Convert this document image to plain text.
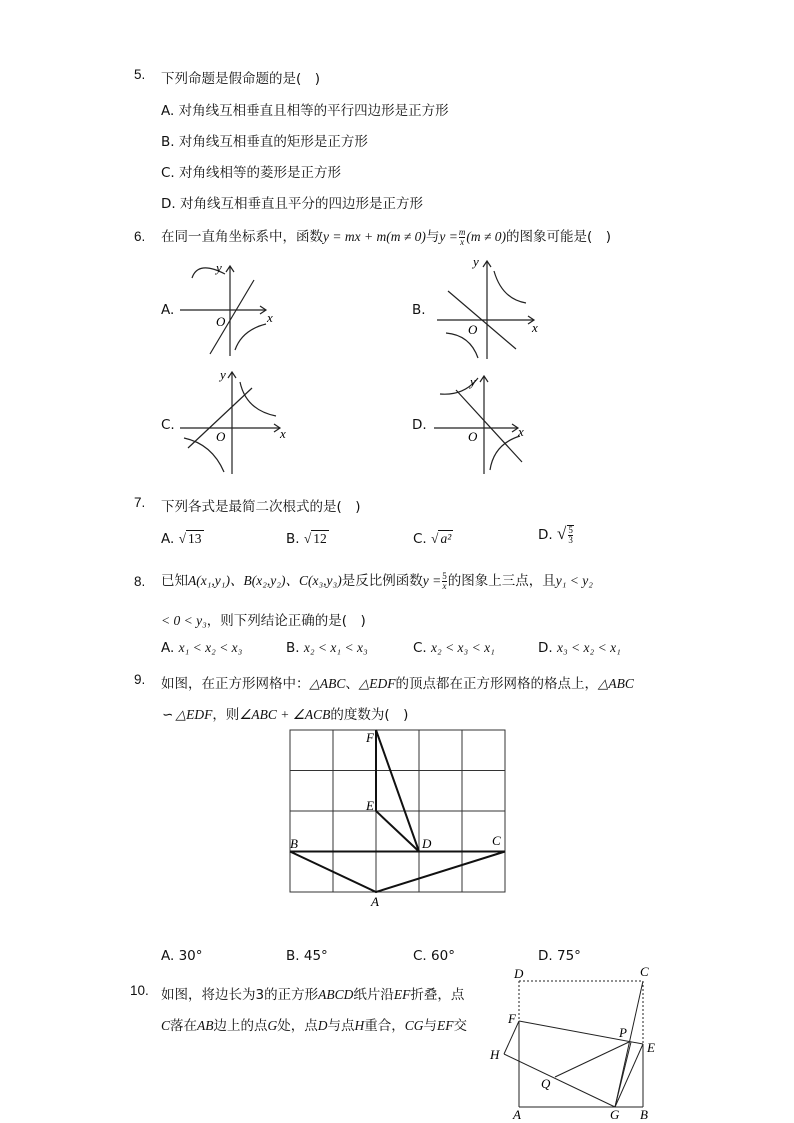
5. 下列命题是假命题的是(　)
A. 对角线互相垂直且相等的平行四边形是正方形
B. 对角线互相垂直的矩形是正方形
C. 对角线相等的菱形是正方形
D. 对角线互相垂直且平分的四边形是正方形
6. 在同一直角坐标系中，函数y = mx + m(m ≠ 0)与$y = \frac{m}{x} (m \ne 0)$的图象可能是(　)
A.
O	x
y
B.
O	x
y
C.
O	x
y
D.
O	x
y
7. 下列各式是最简二次根式的是(　)
A. √ 13	B. √ 12	C. √ a²	D. √ $\frac{5}{3}$
8. 已知A(x₁,y₁)、B(x₂,y₂)、C(x₃,y₃)是反比例函数$y = \frac{5}{x}$ 的图象上三点，且y₁ < y₂
< 0 < y₃，则下列结论正确的是(　)
A. x₁ < x₂ < x₃	B. x₂ < x₁ < x₃	C. x₂ < x₃ < x₁	D. x₃ < x₂ < x₁
9. 如图，在正方形网格中：△ABC、△EDF的顶点都在正方形网格的格点上，△ABC
∽ △EDF，则∠ABC + ∠ACB的度数为(　)
F
E
B	D	C
A
A. 30°	B. 45°	C. 60°	D. 75°
10. 如图，将边长为3的正方形ABCD纸片沿EF折叠，点
C落在AB边上的点G处，点D与点H重合，CG与EF交
D	C
F
P
E
H
Q
A	G B
